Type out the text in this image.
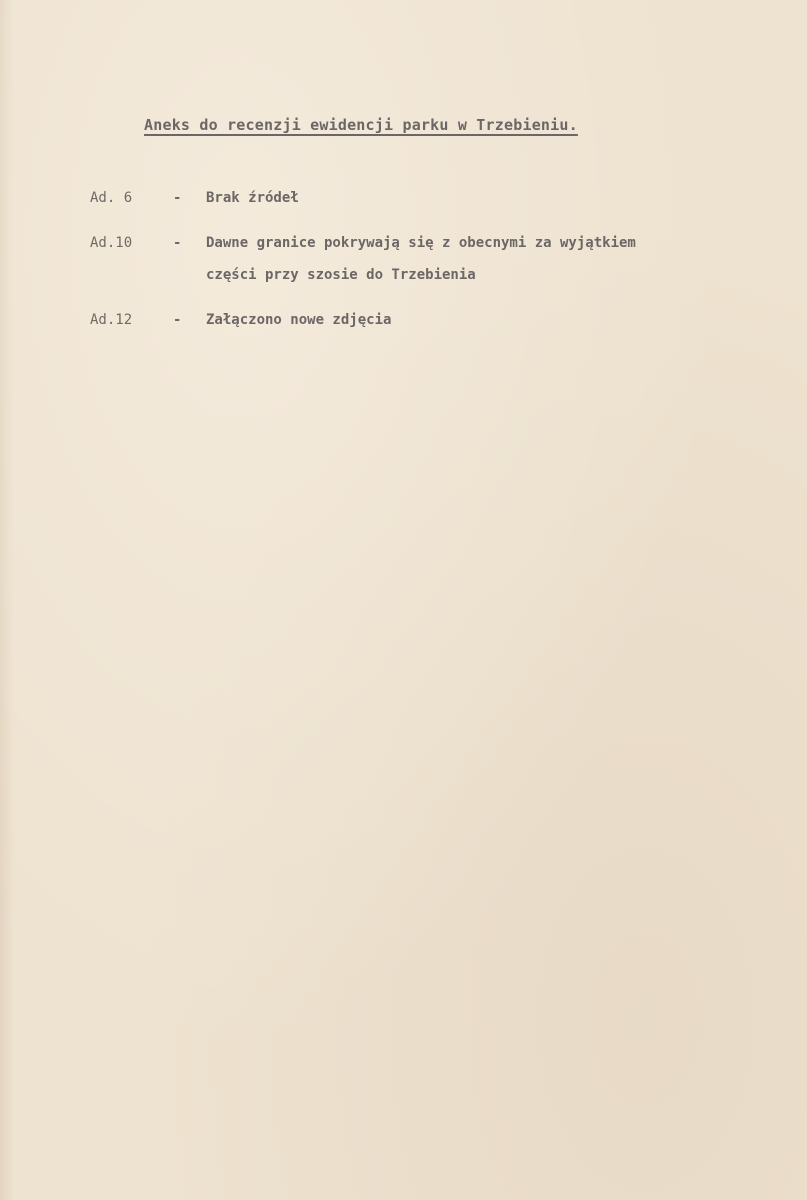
Aneks do recenzji ewidencji parku w Trzebieniu.
Ad. 6	- Brak źródeł
Ad.10	- Dawne granice pokrywają się z obecnymi za wyjątkiem
części przy szosie do Trzebienia
Ad.12	- Załączono nowe zdjęcia
